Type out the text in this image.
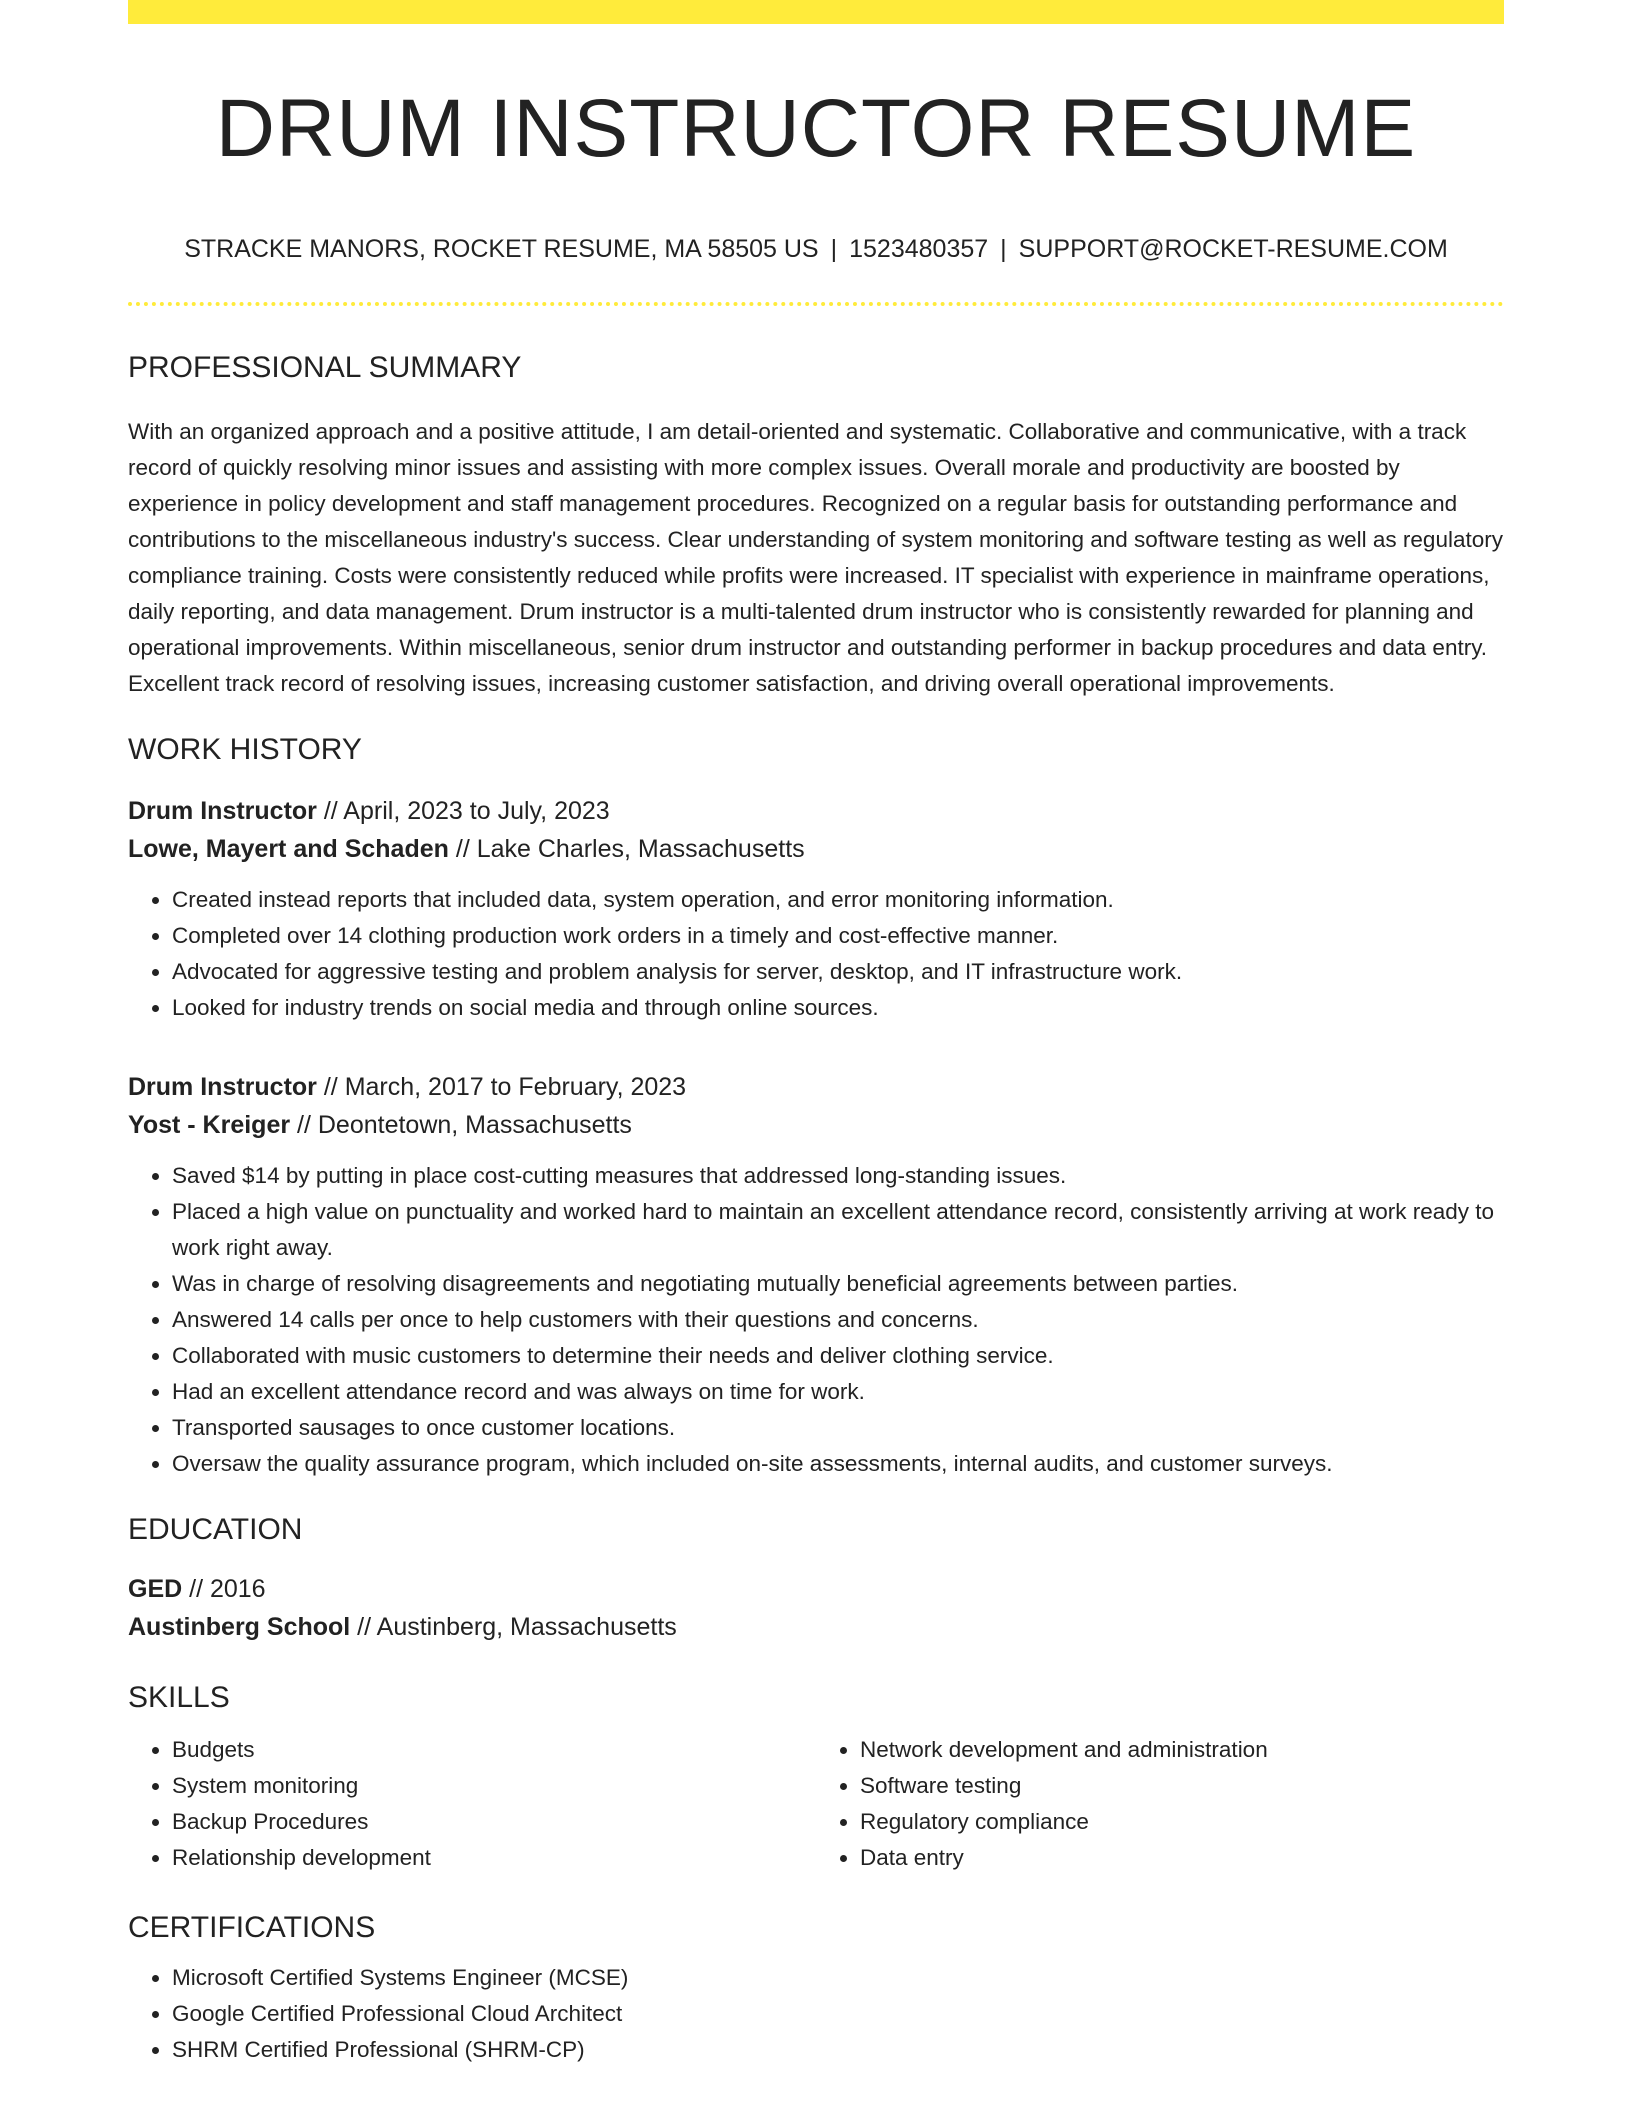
DRUM INSTRUCTOR RESUME
STRACKE MANORS, ROCKET RESUME, MA 58505 US | 1523480357 | SUPPORT@ROCKET-RESUME.COM
PROFESSIONAL SUMMARY

With an organized approach and a positive attitude, I am detail-oriented and systematic. Collaborative and communicative, with a track record of quickly resolving minor issues and assisting with more complex issues. Overall morale and productivity are boosted by experience in policy development and staff management procedures. Recognized on a regular basis for outstanding performance and contributions to the miscellaneous industry's success. Clear understanding of system monitoring and software testing as well as regulatory compliance training. Costs were consistently reduced while profits were increased. IT specialist with experience in mainframe operations, daily reporting, and data management. Drum instructor is a multi-talented drum instructor who is consistently rewarded for planning and operational improvements. Within miscellaneous, senior drum instructor and outstanding performer in backup procedures and data entry. Excellent track record of resolving issues, increasing customer satisfaction, and driving overall operational improvements.

WORK HISTORY
Drum Instructor // April, 2023 to July, 2023
Lowe, Mayert and Schaden // Lake Charles, Massachusetts
• Created instead reports that included data, system operation, and error monitoring information.
• Completed over 14 clothing production work orders in a timely and cost-effective manner.
• Advocated for aggressive testing and problem analysis for server, desktop, and IT infrastructure work.
• Looked for industry trends on social media and through online sources.
Drum Instructor // March, 2017 to February, 2023
Yost - Kreiger // Deontetown, Massachusetts
• Saved $14 by putting in place cost-cutting measures that addressed long-standing issues.
• Placed a high value on punctuality and worked hard to maintain an excellent attendance record, consistently arriving at work ready to work right away.
• Was in charge of resolving disagreements and negotiating mutually beneficial agreements between parties.
• Answered 14 calls per once to help customers with their questions and concerns.
• Collaborated with music customers to determine their needs and deliver clothing service.
• Had an excellent attendance record and was always on time for work.
• Transported sausages to once customer locations.
• Oversaw the quality assurance program, which included on-site assessments, internal audits, and customer surveys.
EDUCATION
GED // 2016
Austinberg School // Austinberg, Massachusetts
SKILLS
• Budgets
• System monitoring
• Backup Procedures
• Relationship development
• Network development and administration
• Software testing
• Regulatory compliance
• Data entry
CERTIFICATIONS
• Microsoft Certified Systems Engineer (MCSE)
• Google Certified Professional Cloud Architect
• SHRM Certified Professional (SHRM-CP)
